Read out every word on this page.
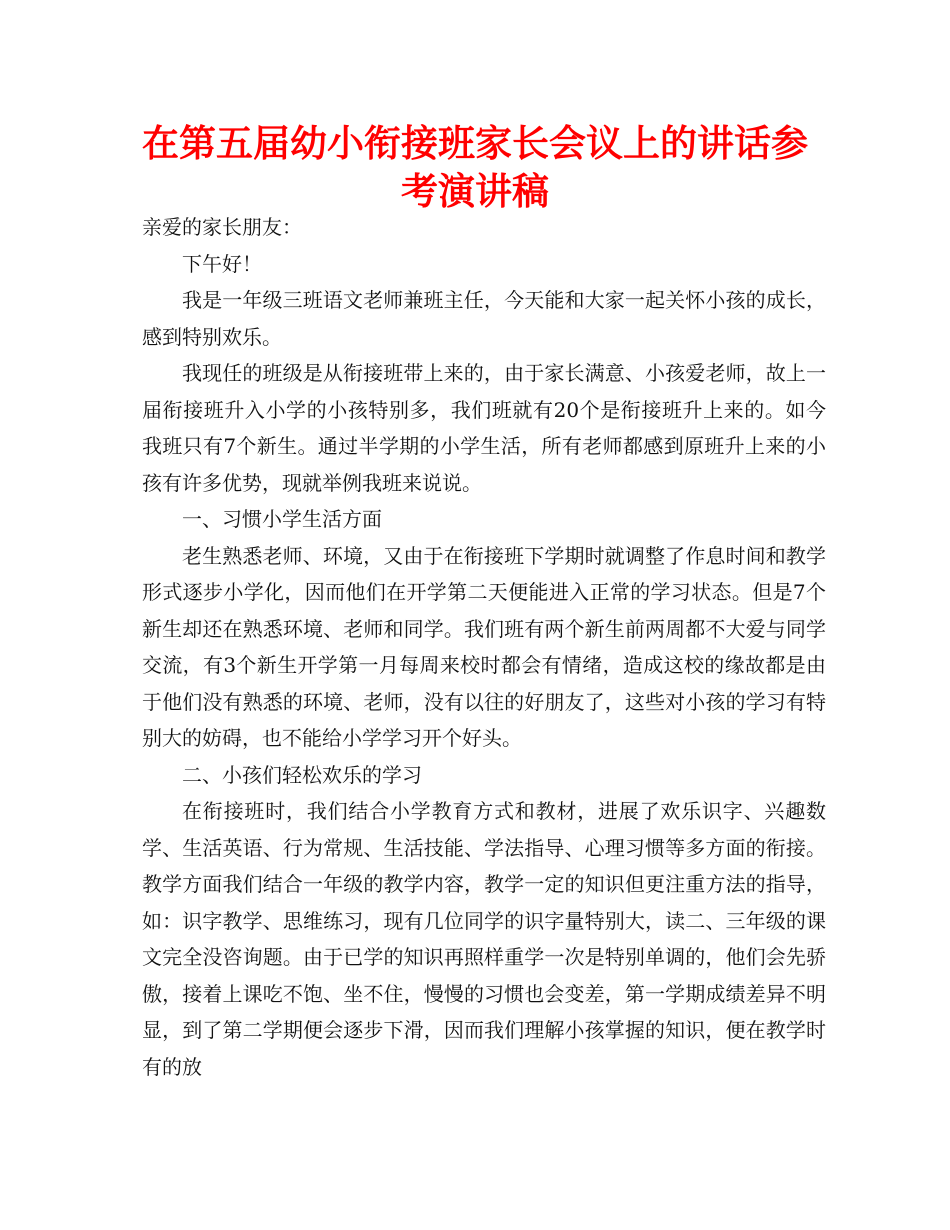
在第五届幼小衔接班家长会议上的讲话参
考演讲稿

亲爱的家长朋友：

下午好！

我是一年级三班语文老师兼班主任，今天能和大家一起关怀小孩的成长，感到特别欢乐。

我现任的班级是从衔接班带上来的，由于家长满意、小孩爱老师，故上一届衔接班升入小学的小孩特别多，我们班就有20个是衔接班升上来的。如今我班只有7个新生。通过半学期的小学生活，所有老师都感到原班升上来的小孩有许多优势，现就举例我班来说说。

一、习惯小学生活方面

老生熟悉老师、环境，又由于在衔接班下学期时就调整了作息时间和教学形式逐步小学化，因而他们在开学第二天便能进入正常的学习状态。但是7个新生却还在熟悉环境、老师和同学。我们班有两个新生前两周都不大爱与同学交流，有3个新生开学第一月每周来校时都会有情绪，造成这校的缘故都是由于他们没有熟悉的环境、老师，没有以往的好朋友了，这些对小孩的学习有特别大的妨碍，也不能给小学学习开个好头。

二、小孩们轻松欢乐的学习

在衔接班时，我们结合小学教育方式和教材，进展了欢乐识字、兴趣数学、生活英语、行为常规、生活技能、学法指导、心理习惯等多方面的衔接。教学方面我们结合一年级的教学内容，教学一定的知识但更注重方法的指导，如：识字教学、思维练习，现有几位同学的识字量特别大，读二、三年级的课文完全没咨询题。由于已学的知识再照样重学一次是特别单调的，他们会先骄傲，接着上课吃不饱、坐不住，慢慢的习惯也会变差，第一学期成绩差异不明显，到了第二学期便会逐步下滑，因而我们理解小孩掌握的知识，便在教学时有的放
